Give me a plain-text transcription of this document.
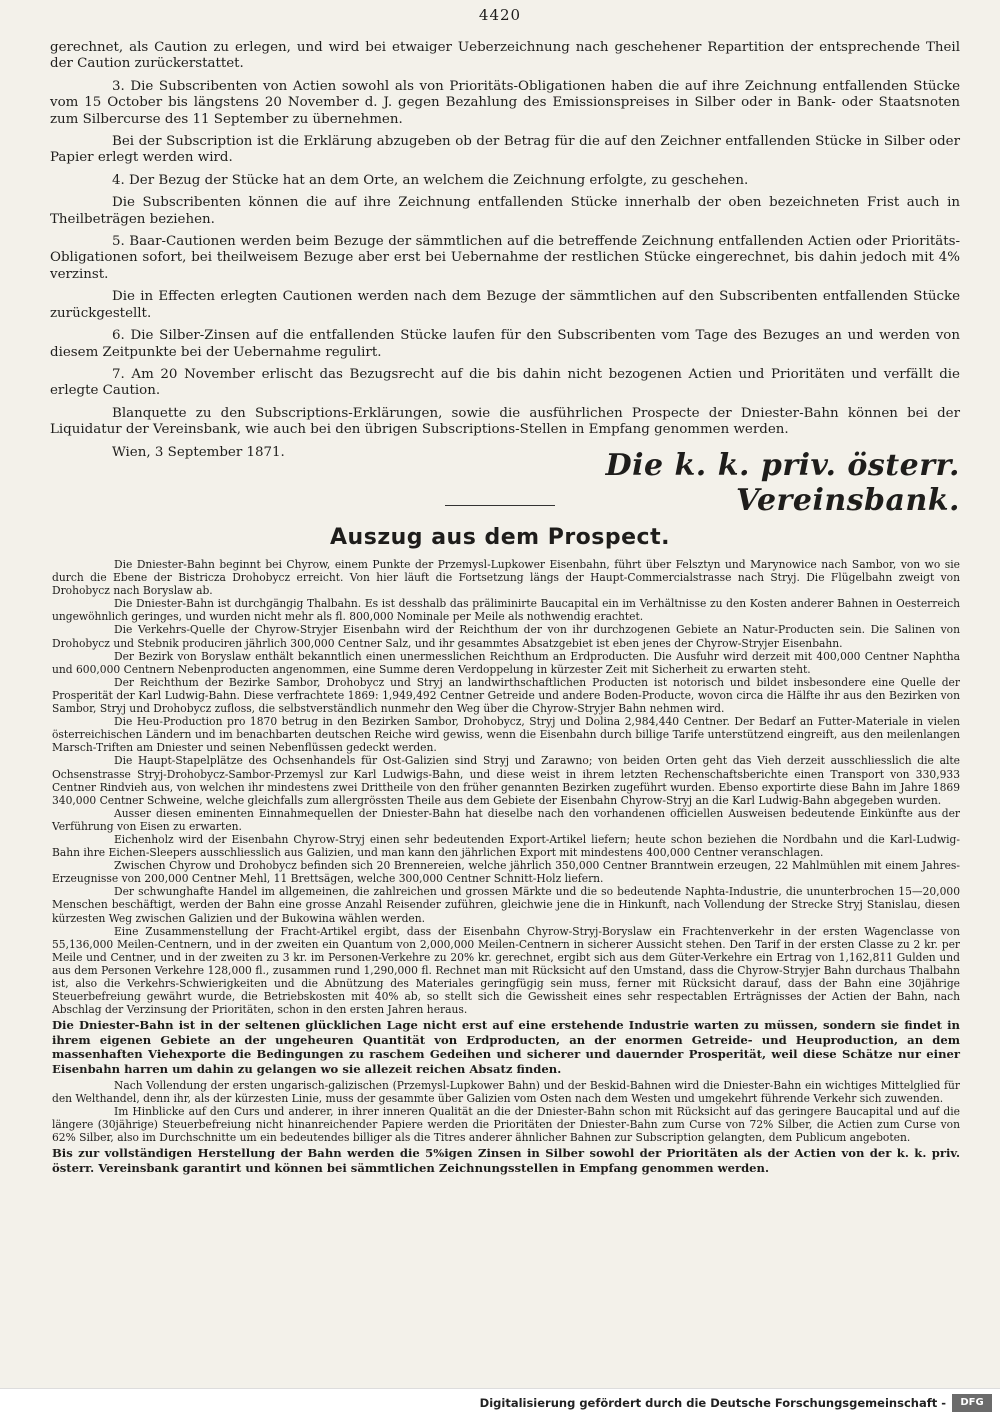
4420

gerechnet, als Caution zu erlegen, und wird bei etwaiger Ueberzeichnung nach geschehener Repartition der entsprechende Theil der Caution zurückerstattet.

3. Die Subscribenten von Actien sowohl als von Prioritäts-Obligationen haben die auf ihre Zeichnung entfallenden Stücke vom 15 October bis längstens 20 November d. J. gegen Bezahlung des Emissionspreises in Silber oder in Bank- oder Staatsnoten zum Silbercurse des 11 September zu übernehmen.

Bei der Subscription ist die Erklärung abzugeben ob der Betrag für die auf den Zeichner entfallenden Stücke in Silber oder Papier erlegt werden wird.

4. Der Bezug der Stücke hat an dem Orte, an welchem die Zeichnung erfolgte, zu geschehen.

Die Subscribenten können die auf ihre Zeichnung entfallenden Stücke innerhalb der oben bezeichneten Frist auch in Theilbeträgen beziehen.

5. Baar-Cautionen werden beim Bezuge der sämmtlichen auf die betreffende Zeichnung entfallenden Actien oder Prioritäts-Obligationen sofort, bei theilweisem Bezuge aber erst bei Uebernahme der restlichen Stücke eingerechnet, bis dahin jedoch mit 4% verzinst.

Die in Effecten erlegten Cautionen werden nach dem Bezuge der sämmtlichen auf den Subscribenten entfallenden Stücke zurückgestellt.

6. Die Silber-Zinsen auf die entfallenden Stücke laufen für den Subscribenten vom Tage des Bezuges an und werden von diesem Zeitpunkte bei der Uebernahme regulirt.

7. Am 20 November erlischt das Bezugsrecht auf die bis dahin nicht bezogenen Actien und Prioritäten und verfällt die erlegte Caution.

Blanquette zu den Subscriptions-Erklärungen, sowie die ausführlichen Prospecte der Dniester-Bahn können bei der Liquidatur der Vereinsbank, wie auch bei den übrigen Subscriptions-Stellen in Empfang genommen werden.

Wien, 3 September 1871.	Die k. k. priv. österr. Vereinsbank.
Auszug aus dem Prospect.

Die Dniester-Bahn beginnt bei Chyrow, einem Punkte der Przemysl-Lupkower Eisenbahn, führt über Felsztyn und Marynowice nach Sambor, von wo sie durch die Ebene der Bistricza Drohobycz erreicht. Von hier läuft die Fortsetzung längs der Haupt-Commercialstrasse nach Stryj. Die Flügelbahn zweigt von Drohobycz nach Boryslaw ab.

Die Dniester-Bahn ist durchgängig Thalbahn. Es ist desshalb das präliminirte Baucapital ein im Verhältnisse zu den Kosten anderer Bahnen in Oesterreich ungewöhnlich geringes, und wurden nicht mehr als fl. 800,000 Nominale per Meile als nothwendig erachtet.

Die Verkehrs-Quelle der Chyrow-Stryjer Eisenbahn wird der Reichthum der von ihr durchzogenen Gebiete an Natur-Producten sein. Die Salinen von Drohobycz und Stebnik produciren jährlich 300,000 Centner Salz, und ihr gesammtes Absatzgebiet ist eben jenes der Chyrow-Stryjer Eisenbahn.

Der Bezirk von Boryslaw enthält bekanntlich einen unermesslichen Reichthum an Erdproducten. Die Ausfuhr wird derzeit mit 400,000 Centner Naphtha und 600,000 Centnern Nebenproducten angenommen, eine Summe deren Verdoppelung in kürzester Zeit mit Sicherheit zu erwarten steht.

Der Reichthum der Bezirke Sambor, Drohobycz und Stryj an landwirthschaftlichen Producten ist notorisch und bildet insbesondere eine Quelle der Prosperität der Karl Ludwig-Bahn. Diese verfrachtete 1869: 1,949,492 Centner Getreide und andere Boden-Producte, wovon circa die Hälfte ihr aus den Bezirken von Sambor, Stryj und Drohobycz zufloss, die selbstverständlich nunmehr den Weg über die Chyrow-Stryjer Bahn nehmen wird.

Die Heu-Production pro 1870 betrug in den Bezirken Sambor, Drohobycz, Stryj und Dolina 2,984,440 Centner. Der Bedarf an Futter-Materiale in vielen österreichischen Ländern und im benachbarten deutschen Reiche wird gewiss, wenn die Eisenbahn durch billige Tarife unterstützend eingreift, aus den meilenlangen Marsch-Triften am Dniester und seinen Nebenflüssen gedeckt werden.

Die Haupt-Stapelplätze des Ochsenhandels für Ost-Galizien sind Stryj und Zarawno; von beiden Orten geht das Vieh derzeit ausschliesslich die alte Ochsenstrasse Stryj-Drohobycz-Sambor-Przemysl zur Karl Ludwigs-Bahn, und diese weist in ihrem letzten Rechenschaftsberichte einen Transport von 330,933 Centner Rindvieh aus, von welchen ihr mindestens zwei Drittheile von den früher genannten Bezirken zugeführt wurden. Ebenso exportirte diese Bahn im Jahre 1869 340,000 Centner Schweine, welche gleichfalls zum allergrössten Theile aus dem Gebiete der Eisenbahn Chyrow-Stryj an die Karl Ludwig-Bahn abgegeben wurden.

Ausser diesen eminenten Einnahmequellen der Dniester-Bahn hat dieselbe nach den vorhandenen officiellen Ausweisen bedeutende Einkünfte aus der Verführung von Eisen zu erwarten.

Eichenholz wird der Eisenbahn Chyrow-Stryj einen sehr bedeutenden Export-Artikel liefern; heute schon beziehen die Nordbahn und die Karl-Ludwig-Bahn ihre Eichen-Sleepers ausschliesslich aus Galizien, und man kann den jährlichen Export mit mindestens 400,000 Centner veranschlagen.

Zwischen Chyrow und Drohobycz befinden sich 20 Brennereien, welche jährlich 350,000 Centner Branntwein erzeugen, 22 Mahlmühlen mit einem Jahres-Erzeugnisse von 200,000 Centner Mehl, 11 Brettsägen, welche 300,000 Centner Schnitt-Holz liefern.

Der schwunghafte Handel im allgemeinen, die zahlreichen und grossen Märkte und die so bedeutende Naphta-Industrie, die ununterbrochen 15—20,000 Menschen beschäftigt, werden der Bahn eine grosse Anzahl Reisender zuführen, gleichwie jene die in Hinkunft, nach Vollendung der Strecke Stryj Stanislau, diesen kürzesten Weg zwischen Galizien und der Bukowina wählen werden.

Eine Zusammenstellung der Fracht-Artikel ergibt, dass der Eisenbahn Chyrow-Stryj-Boryslaw ein Frachtenverkehr in der ersten Wagenclasse von 55,136,000 Meilen-Centnern, und in der zweiten ein Quantum von 2,000,000 Meilen-Centnern in sicherer Aussicht stehen. Den Tarif in der ersten Classe zu 2 kr. per Meile und Centner, und in der zweiten zu 3 kr. im Personen-Verkehre zu 20% kr. gerechnet, ergibt sich aus dem Güter-Verkehre ein Ertrag von 1,162,811 Gulden und aus dem Personen Verkehre 128,000 fl., zusammen rund 1,290,000 fl. Rechnet man mit Rücksicht auf den Umstand, dass die Chyrow-Stryjer Bahn durchaus Thalbahn ist, also die Verkehrs-Schwierigkeiten und die Abnützung des Materiales geringfügig sein muss, ferner mit Rücksicht darauf, dass der Bahn eine 30jährige Steuerbefreiung gewährt wurde, die Betriebskosten mit 40% ab, so stellt sich die Gewissheit eines sehr respectablen Erträgnisses der Actien der Bahn, nach Abschlag der Verzinsung der Prioritäten, schon in den ersten Jahren heraus.

Die Dniester-Bahn ist in der seltenen glücklichen Lage nicht erst auf eine erstehende Industrie warten zu müssen, sondern sie findet in ihrem eigenen Gebiete an der ungeheuren Quantität von Erdproducten, an der enormen Getreide- und Heuproduction, an dem massenhaften Viehexporte die Bedingungen zu raschem Gedeihen und sicherer und dauernder Prosperität, weil diese Schätze nur einer Eisenbahn harren um dahin zu gelangen wo sie allezeit reichen Absatz finden.

Nach Vollendung der ersten ungarisch-galizischen (Przemysl-Lupkower Bahn) und der Beskid-Bahnen wird die Dniester-Bahn ein wichtiges Mittelglied für den Welthandel, denn ihr, als der kürzesten Linie, muss der gesammte über Galizien vom Osten nach dem Westen und umgekehrt führende Verkehr sich zuwenden.

Im Hinblicke auf den Curs und anderer, in ihrer inneren Qualität an die der Dniester-Bahn schon mit Rücksicht auf das geringere Baucapital und auf die längere (30jährige) Steuerbefreiung nicht hinanreichender Papiere werden die Prioritäten der Dniester-Bahn zum Curse von 72% Silber, die Actien zum Curse von 62% Silber, also im Durchschnitte um ein bedeutendes billiger als die Titres anderer ähnlicher Bahnen zur Subscription gelangten, dem Publicum angeboten.

Bis zur vollständigen Herstellung der Bahn werden die 5%igen Zinsen in Silber sowohl der Prioritäten als der Actien von der k. k. priv. österr. Vereinsbank garantirt und können bei sämmtlichen Zeichnungsstellen in Empfang genommen werden.

Digitalisierung gefördert durch die Deutsche Forschungsgemeinschaft -	DFG
